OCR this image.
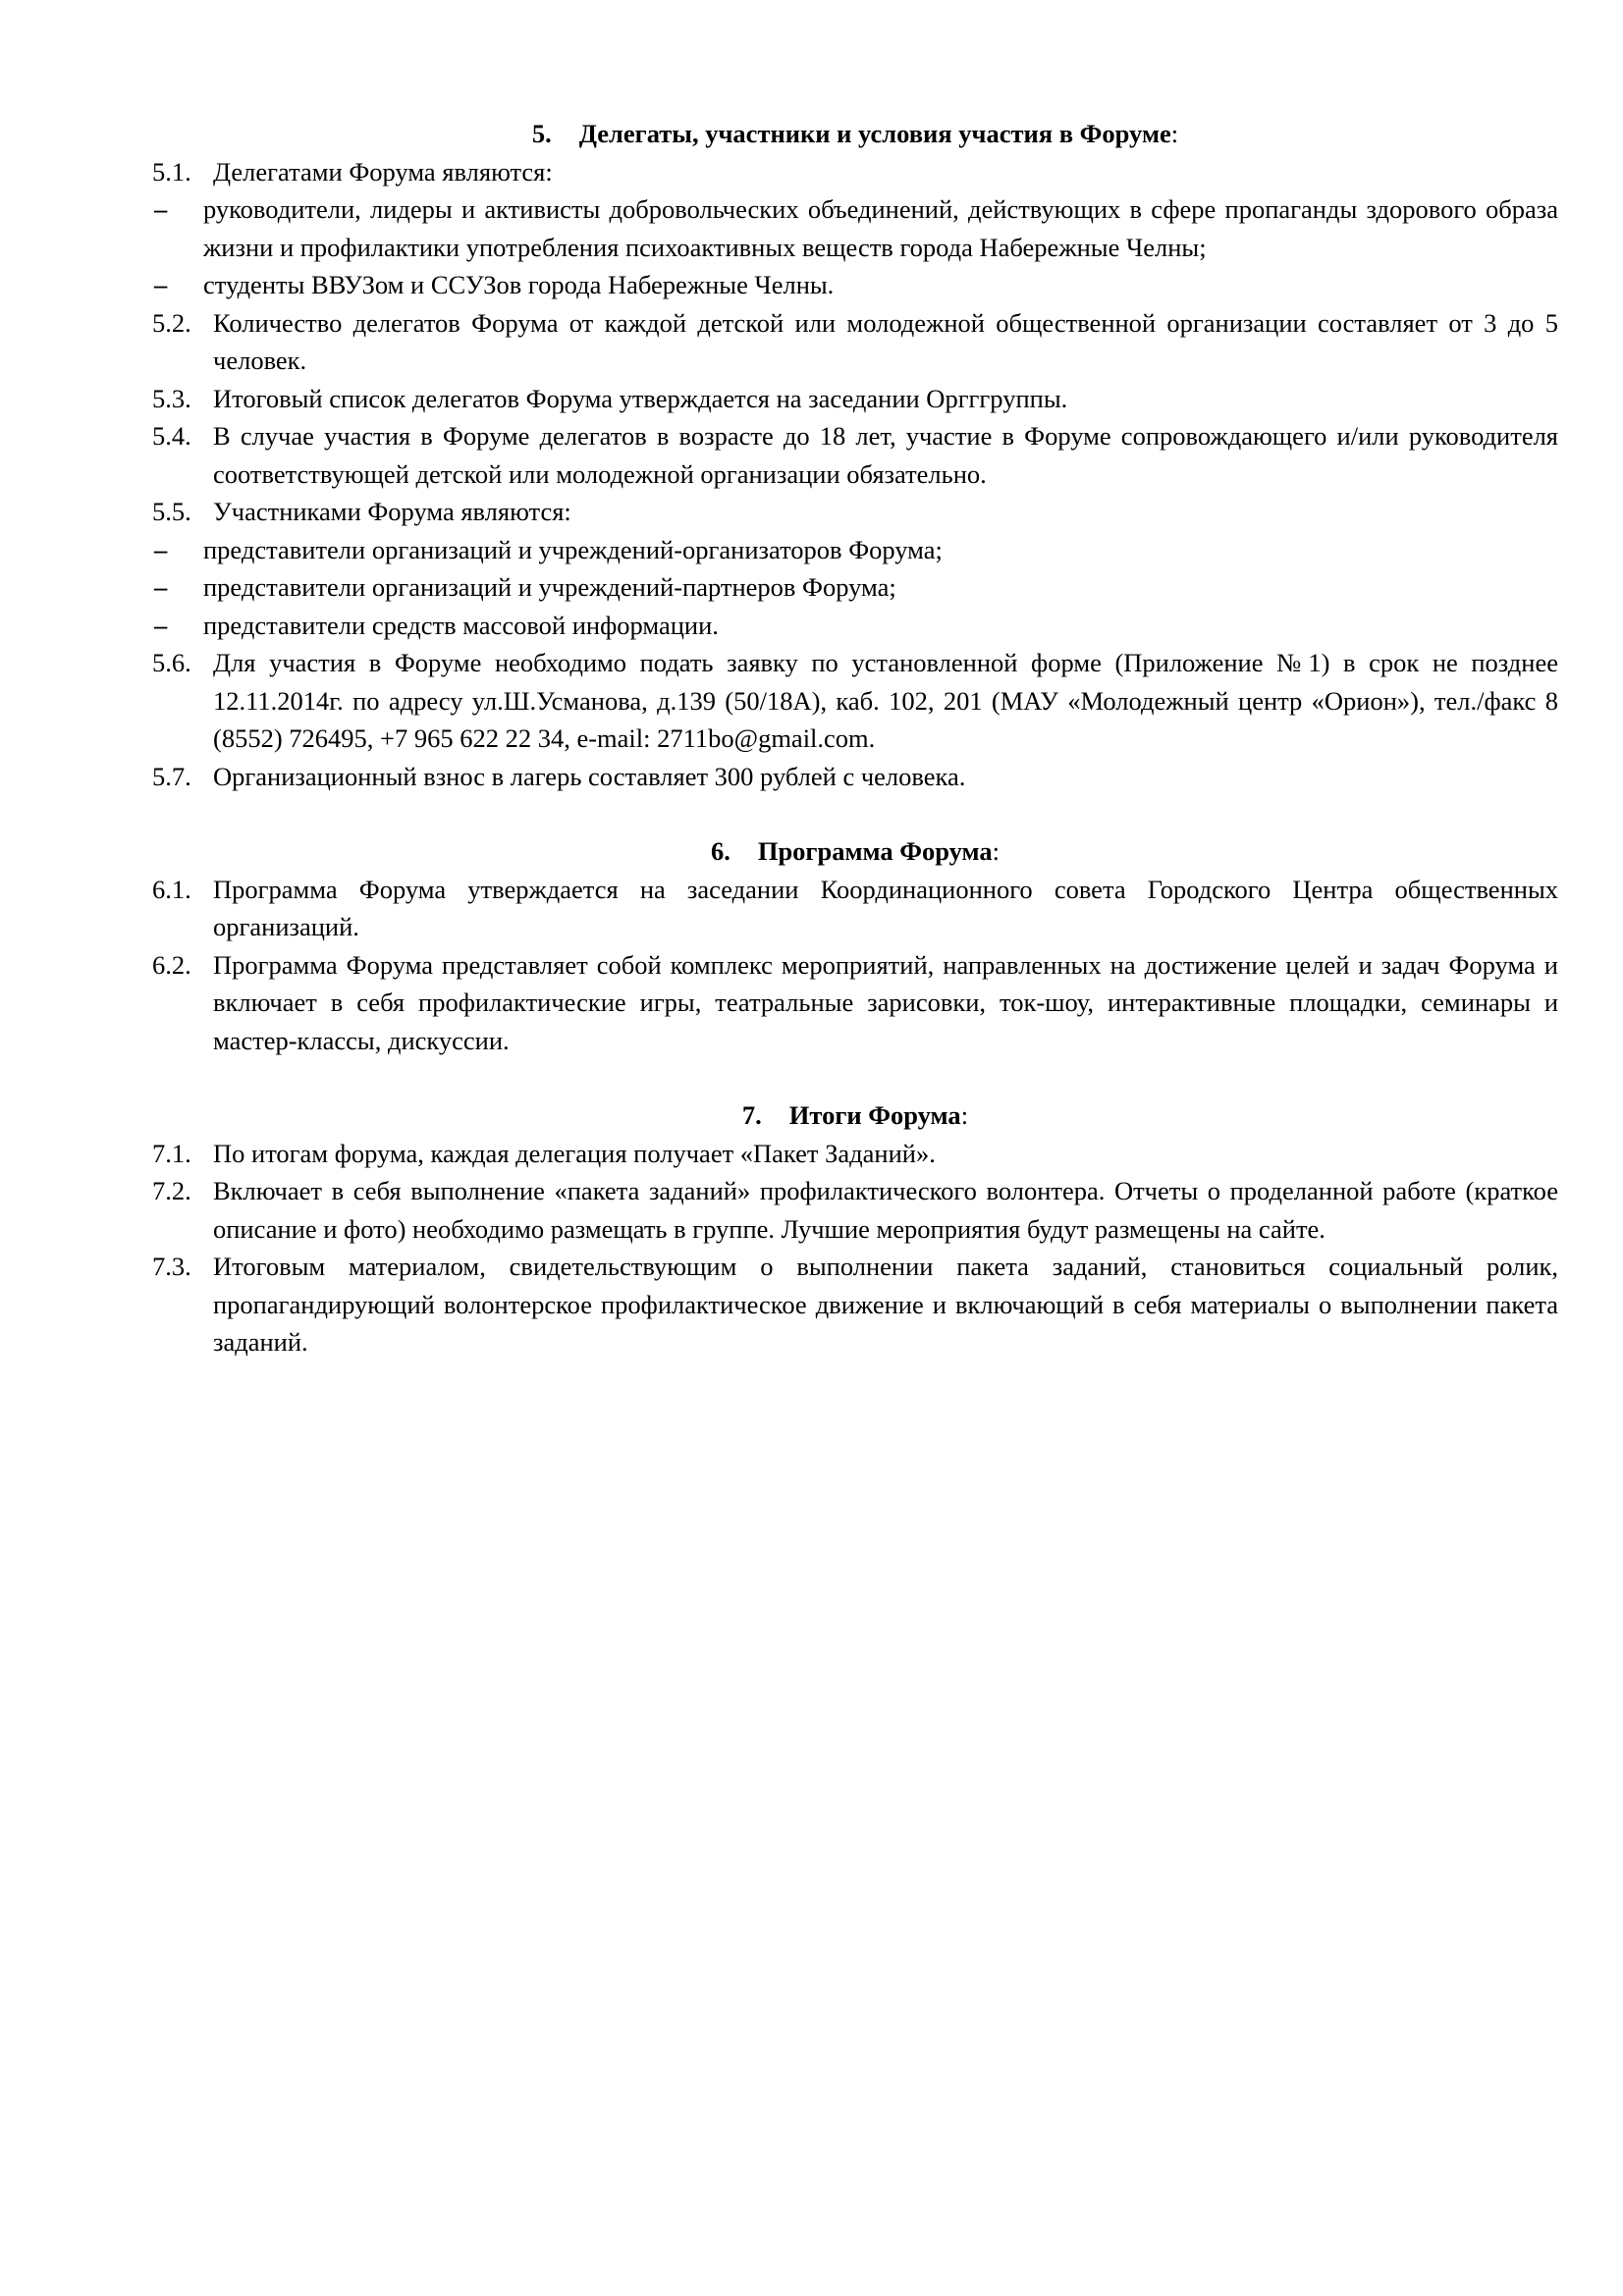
5. Делегаты, участники и условия участия в Форуме:

5.1. Делегатами Форума являются:

– руководители, лидеры и активисты добровольческих объединений, действующих в сфере пропаганды здорового образа жизни и профилактики употребления психоактивных веществ города Набережные Челны;

– студенты ВВУЗом и ССУЗов города Набережные Челны.

5.2. Количество делегатов Форума от каждой детской или молодежной общественной организации составляет от 3 до 5 человек.

5.3. Итоговый список делегатов Форума утверждается на заседании Оргггруппы.

5.4. В случае участия в Форуме делегатов в возрасте до 18 лет, участие в Форуме сопровождающего и/или руководителя соответствующей детской или молодежной организации обязательно.

5.5. Участниками Форума являются:

– представители организаций и учреждений-организаторов Форума;

– представители организаций и учреждений-партнеров Форума;

– представители средств массовой информации.

5.6. Для участия в Форуме необходимо подать заявку по установленной форме (Приложение №1) в срок не позднее 12.11.2014г. по адресу ул.Ш.Усманова, д.139 (50/18А), каб. 102, 201 (МАУ «Молодежный центр «Орион»), тел./факс 8 (8552) 726495, +7 965 622 22 34, e-mail: 2711bo@gmail.com.

5.7. Организационный взнос в лагерь составляет 300 рублей с человека.

6. Программа Форума:

6.1. Программа Форума утверждается на заседании Координационного совета Городского Центра общественных организаций.

6.2. Программа Форума представляет собой комплекс мероприятий, направленных на достижение целей и задач Форума и включает в себя профилактические игры, театральные зарисовки, ток-шоу, интерактивные площадки, семинары и мастер-классы, дискуссии.

7. Итоги Форума:

7.1. По итогам форума, каждая делегация получает «Пакет Заданий».

7.2. Включает в себя выполнение «пакета заданий» профилактического волонтера. Отчеты о проделанной работе (краткое описание и фото) необходимо размещать в группе. Лучшие мероприятия будут размещены на сайте.

7.3. Итоговым материалом, свидетельствующим о выполнении пакета заданий, становиться социальный ролик, пропагандирующий волонтерское профилактическое движение и включающий в себя материалы о выполнении пакета заданий.
